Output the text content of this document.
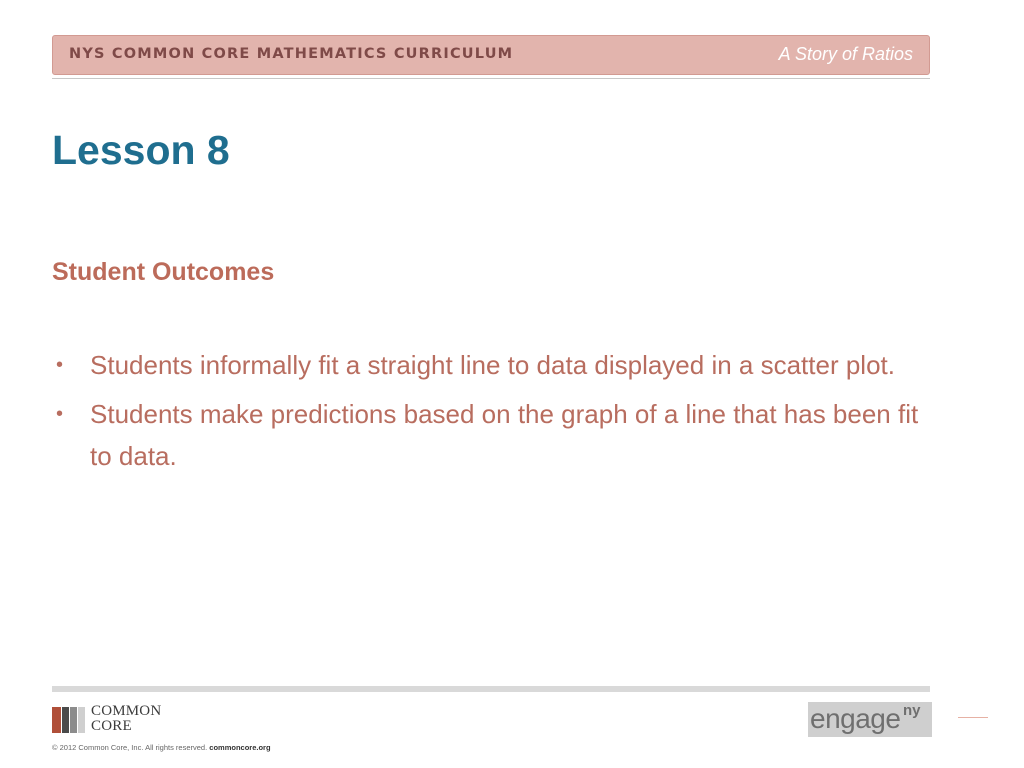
NYS COMMON CORE MATHEMATICS CURRICULUM	A Story of Ratios
Lesson 8
Student Outcomes
• Students informally fit a straight line to data displayed in a scatter plot.
• Students make predictions based on the graph of a line that has been fit to data.
COMMON
CORE
© 2012 Common Core, Inc. All rights reserved. commoncore.org
engage ny
